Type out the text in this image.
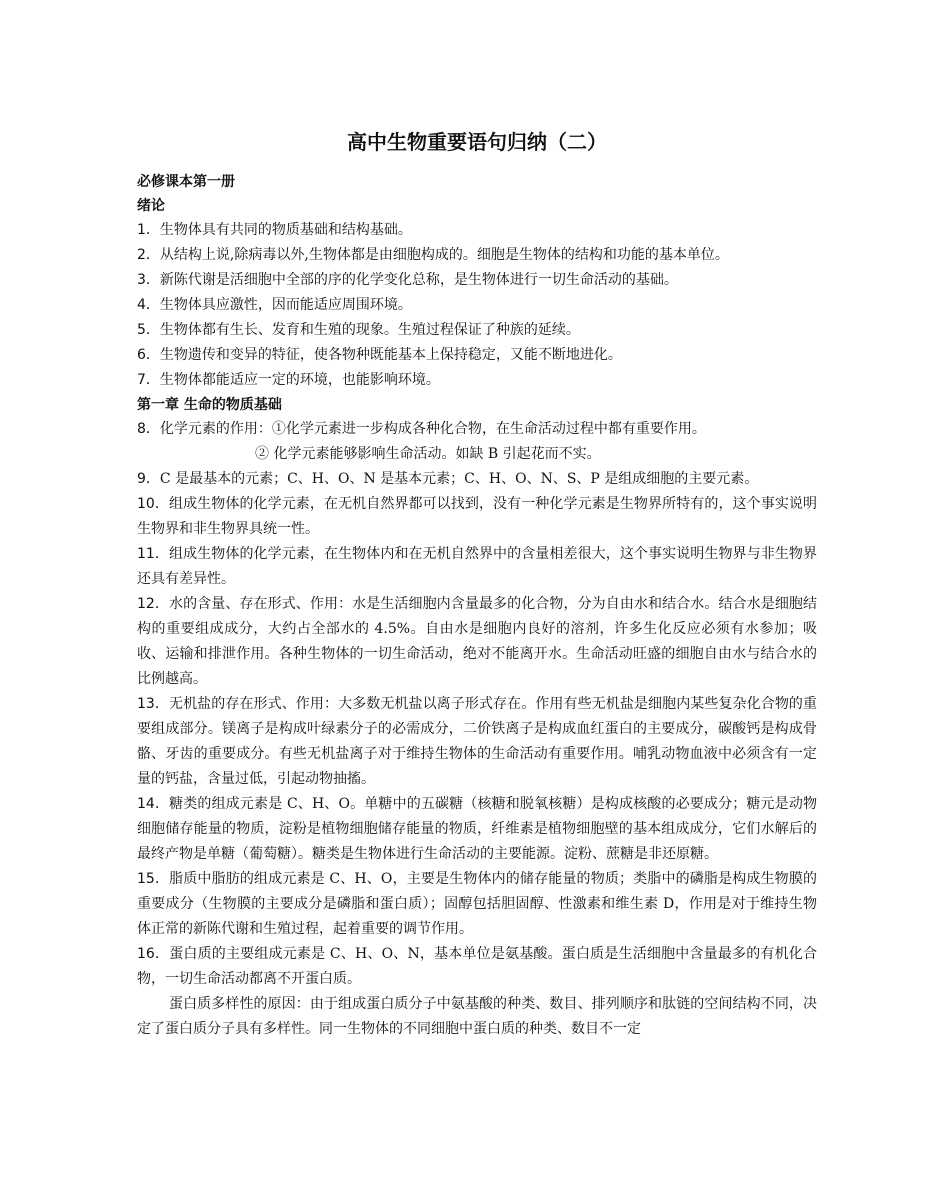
高中生物重要语句归纳（二）
必修课本第一册
绪论
1．生物体具有共同的物质基础和结构基础。
2．从结构上说,除病毒以外,生物体都是由细胞构成的。细胞是生物体的结构和功能的基本单位。
3．新陈代谢是活细胞中全部的序的化学变化总称，是生物体进行一切生命活动的基础。
4．生物体具应激性，因而能适应周围环境。
5．生物体都有生长、发育和生殖的现象。生殖过程保证了种族的延续。
6．生物遗传和变异的特征，使各物种既能基本上保持稳定，又能不断地进化。
7．生物体都能适应一定的环境，也能影响环境。
第一章 生命的物质基础
8．化学元素的作用：①化学元素进一步构成各种化合物，在生命活动过程中都有重要作用。
② 化学元素能够影响生命活动。如缺 B 引起花而不实。
9．C 是最基本的元素；C、H、O、N 是基本元素；C、H、O、N、S、P 是组成细胞的主要元素。
10．组成生物体的化学元素，在无机自然界都可以找到，没有一种化学元素是生物界所特有的，这个事实说明生物界和非生物界具统一性。
11．组成生物体的化学元素，在生物体内和在无机自然界中的含量相差很大，这个事实说明生物界与非生物界还具有差异性。
12．水的含量、存在形式、作用：水是生活细胞内含量最多的化合物，分为自由水和结合水。结合水是细胞结构的重要组成成分，大约占全部水的 4.5%。自由水是细胞内良好的溶剂，许多生化反应必须有水参加；吸收、运输和排泄作用。各种生物体的一切生命活动，绝对不能离开水。生命活动旺盛的细胞自由水与结合水的比例越高。
13．无机盐的存在形式、作用：大多数无机盐以离子形式存在。作用有些无机盐是细胞内某些复杂化合物的重要组成部分。镁离子是构成叶绿素分子的必需成分，二价铁离子是构成血红蛋白的主要成分，碳酸钙是构成骨骼、牙齿的重要成分。有些无机盐离子对于维持生物体的生命活动有重要作用。哺乳动物血液中必须含有一定量的钙盐，含量过低，引起动物抽搐。
14．糖类的组成元素是 C、H、O。单糖中的五碳糖（核糖和脱氧核糖）是构成核酸的必要成分；糖元是动物细胞储存能量的物质，淀粉是植物细胞储存能量的物质，纤维素是植物细胞壁的基本组成成分，它们水解后的最终产物是单糖（葡萄糖）。糖类是生物体进行生命活动的主要能源。淀粉、蔗糖是非还原糖。
15．脂质中脂肪的组成元素是 C、H、O，主要是生物体内的储存能量的物质；类脂中的磷脂是构成生物膜的重要成分（生物膜的主要成分是磷脂和蛋白质）；固醇包括胆固醇、性激素和维生素 D，作用是对于维持生物体正常的新陈代谢和生殖过程，起着重要的调节作用。
16．蛋白质的主要组成元素是 C、H、O、N，基本单位是氨基酸。蛋白质是生活细胞中含量最多的有机化合物，一切生命活动都离不开蛋白质。
蛋白质多样性的原因：由于组成蛋白质分子中氨基酸的种类、数目、排列顺序和肽链的空间结构不同，决定了蛋白质分子具有多样性。同一生物体的不同细胞中蛋白质的种类、数目不一定
